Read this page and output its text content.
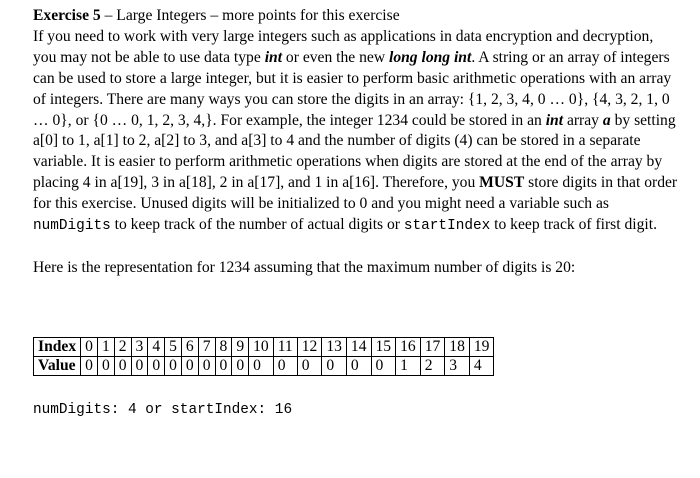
Exercise 5 – Large Integers – more points for this exercise

If you need to work with very large integers such as applications in data encryption and decryption, you may not be able to use data type int or even the new long long int. A string or an array of integers can be used to store a large integer, but it is easier to perform basic arithmetic operations with an array of integers. There are many ways you can store the digits in an array: {1, 2, 3, 4, 0 … 0}, {4, 3, 2, 1, 0 … 0}, or {0 … 0, 1, 2, 3, 4,}. For example, the integer 1234 could be stored in an int array a by setting a[0] to 1, a[1] to 2, a[2] to 3, and a[3] to 4 and the number of digits (4) can be stored in a separate variable. It is easier to perform arithmetic operations when digits are stored at the end of the array by placing 4 in a[19], 3 in a[18], 2 in a[17], and 1 in a[16]. Therefore, you MUST store digits in that order for this exercise. Unused digits will be initialized to 0 and you might need a variable such as numDigits to keep track of the number of actual digits or startIndex to keep track of first digit.

Here is the representation for 1234 assuming that the maximum number of digits is 20:

Index	0	1	2	3	4	5	6	7	8	9	10	11	12	13	14	15	16	17	18	19
Value	0	0	0	0	0	0	0	0	0	0	0	0	0	0	0	0	1	2	3	4

numDigits: 4 or startIndex: 16
